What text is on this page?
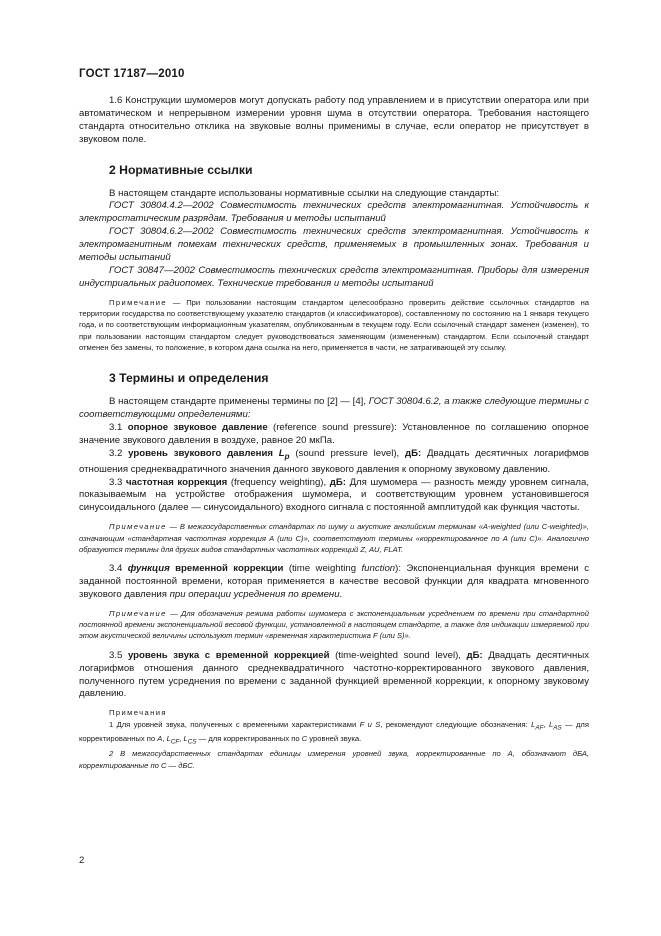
ГОСТ 17187—2010

1.6 Конструкции шумомеров могут допускать работу под управлением и в присутствии оператора или при автоматическом и непрерывном измерении уровня шума в отсутствии оператора. Требования настоящего стандарта относительно отклика на звуковые волны применимы в случае, если оператор не присутствует в звуковом поле.

2 Нормативные ссылки

В настоящем стандарте использованы нормативные ссылки на следующие стандарты:

ГОСТ 30804.4.2—2002 Совместимость технических средств электромагнитная. Устойчивость к электростатическим разрядам. Требования и методы испытаний

ГОСТ 30804.6.2—2002 Совместимость технических средств электромагнитная. Устойчивость к электромагнитным помехам технических средств, применяемых в промышленных зонах. Требования и методы испытаний

ГОСТ 30847—2002 Совместимость технических средств электромагнитная. Приборы для измерения индустриальных радиопомех. Технические требования и методы испытаний

Примечание — При пользовании настоящим стандартом целесообразно проверить действие ссылочных стандартов на территории государства по соответствующему указателю стандартов (и классификаторов), составленному по состоянию на 1 января текущего года, и по соответствующим информационным указателям, опубликованным в текущем году. Если ссылочный стандарт заменен (изменен), то при пользовании настоящим стандартом следует руководствоваться заменяющим (измененным) стандартом. Если ссылочный стандарт отменен без замены, то положение, в котором дана ссылка на него, применяется в части, не затрагивающей эту ссылку.

3 Термины и определения

В настоящем стандарте применены термины по [2] — [4], ГОСТ 30804.6.2, а также следующие термины с соответствующими определениями:

3.1 опорное звуковое давление (reference sound pressure): Установленное по соглашению опорное значение звукового давления в воздухе, равное 20 мкПа.

3.2 уровень звукового давления $L_p$ (sound pressure level), дБ: Двадцать десятичных логарифмов отношения среднеквадратичного значения данного звукового давления к опорному звуковому давлению.

3.3 частотная коррекция (frequency weighting), дБ: Для шумомера — разность между уровнем сигнала, показываемым на устройстве отображения шумомера, и соответствующим уровнем установившегося синусоидального (далее — синусоидального) входного сигнала с постоянной амплитудой как функция частоты.

Примечание — В межгосударственных стандартах по шуму и акустике английским терминам «A-weighted (или C-weighted)», означающим «стандартная частотная коррекция A (или C)», соответствуют термины «корректированное по A (или C)». Аналогично образуются термины для других видов стандартных частотных коррекций Z, AU, FLAT.

3.4 функция временной коррекции (time weighting function): Экспоненциальная функция времени с заданной постоянной времени, которая применяется в качестве весовой функции для квадрата мгновенного звукового давления при операции усреднения по времени.

Примечание — Для обозначения режима работы шумомера с экспоненциальным усреднением по времени при стандартной постоянной времени экспоненциальной весовой функции, установленной в настоящем стандарте, а также для индикации измеряемой при этом акустической величины используют термин «временная характеристика F (или S)».

3.5 уровень звука с временной коррекцией (time-weighted sound level), дБ: Двадцать десятичных логарифмов отношения данного среднеквадратичного частотно-корректированного звукового давления, полученного путем усреднения по времени с заданной функцией временной коррекции, к опорному звуковому давлению.

Примечания

1 Для уровней звука, полученных с временными характеристиками F и S, рекомендуют следующие обозначения: $L_{AF}$, $L_{AS}$ — для корректированных по A, $L_{CF}$, $L_{CS}$ — для корректированных по C уровней звука.

2 В межгосударственных стандартах единицы измерения уровней звука, корректированные по A, обозначают дБА, корректированные по C — дБС.

2
